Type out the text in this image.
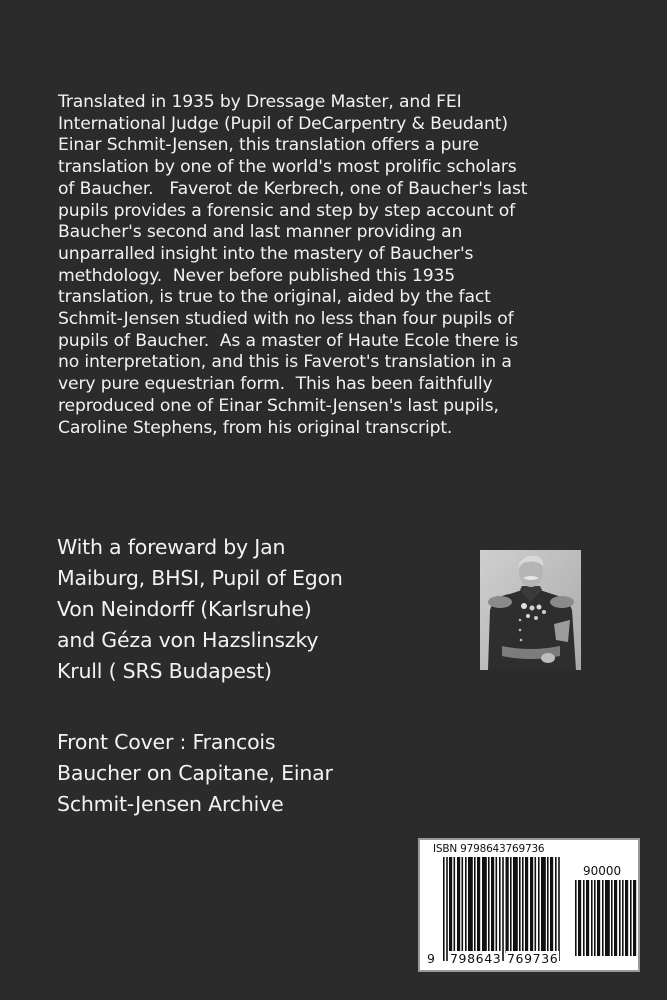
Translated in 1935 by Dressage Master, and FEI
International Judge (Pupil of DeCarpentry & Beudant)
Einar Schmit-Jensen, this translation offers a pure
translation by one of the world's most prolific scholars
of Baucher.   Faverot de Kerbrech, one of Baucher's last
pupils provides a forensic and step by step account of
Baucher's second and last manner providing an
unparralled insight into the mastery of Baucher's
methdology.  Never before published this 1935
translation, is true to the original, aided by the fact
Schmit-Jensen studied with no less than four pupils of
pupils of Baucher.  As a master of Haute Ecole there is
no interpretation, and this is Faverot's translation in a
very pure equestrian form.  This has been faithfully
reproduced one of Einar Schmit-Jensen's last pupils,
Caroline Stephens, from his original transcript.
With a foreward by Jan
Maiburg, BHSI, Pupil of Egon
Von Neindorff (Karlsruhe)
and Géza von Hazslinszky
Krull ( SRS Budapest)
Front Cover : Francois
Baucher on Capitane, Einar
Schmit-Jensen Archive
ISBN 9798643769736
90000
9 798643 769736
